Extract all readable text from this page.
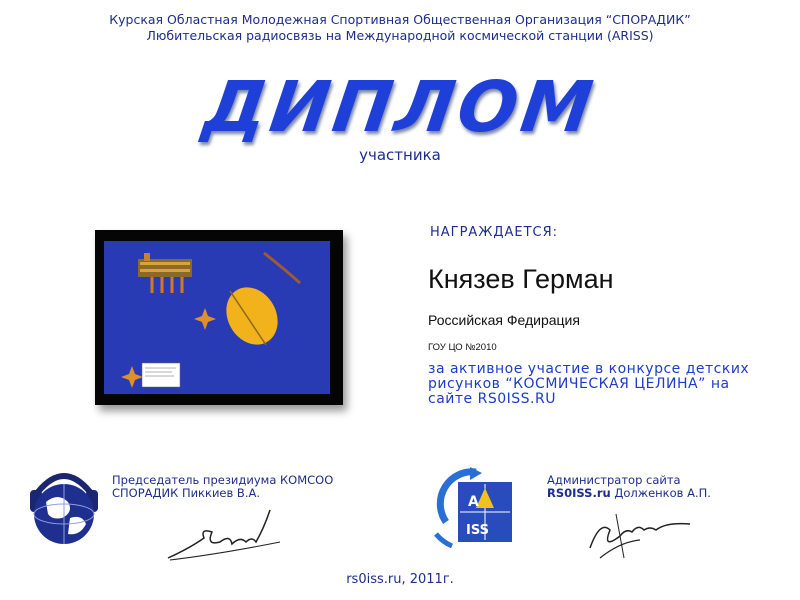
Курская Областная Молодежная Спортивная Общественная Организация “СПОРАДИК”
Любительская радиосвязь на Международной космической станции (ARISS)
ДИПЛОМ
участника
НАГРАЖДАЕТСЯ:
Князев Герман
Российская Федирация
ГОУ ЦО №2010
за активное участие в конкурсе детских рисунков “КОСМИЧЕСКАЯ ЦЕЛИНА” на сайте RS0ISS.RU
Председатель президиума КОМСОО
СПОРАДИК Пиккиев В.А.
A
ISS
Администратор сайта
RS0ISS.ru Долженков А.П.
rs0iss.ru, 2011г.
